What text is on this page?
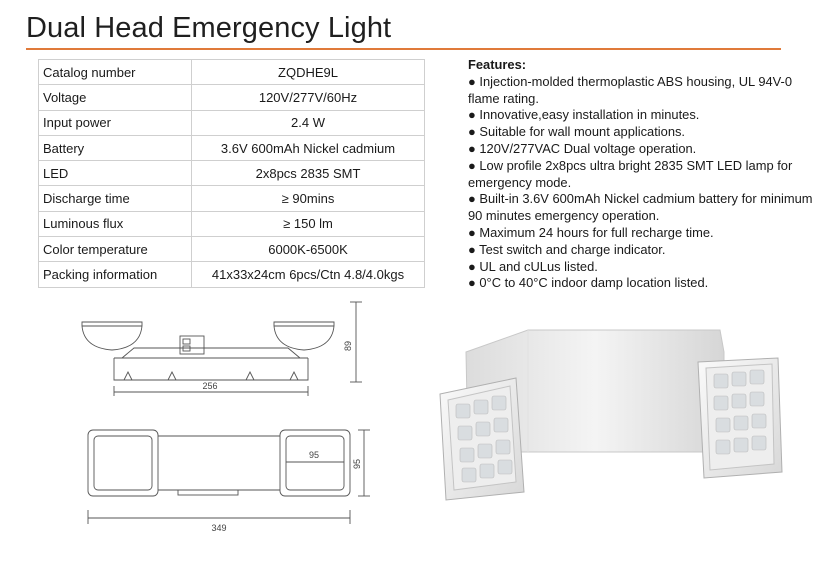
Dual Head Emergency Light
Catalog number	ZQDHE9L
Voltage	120V/277V/60Hz
Input power	2.4 W
Battery	3.6V 600mAh Nickel cadmium
LED	2x8pcs 2835 SMT
Discharge time	≥ 90mins
Luminous flux	≥ 150 lm
Color temperature	6000K-6500K
Packing information	41x33x24cm 6pcs/Ctn 4.8/4.0kgs
Features:
● Injection-molded thermoplastic ABS housing, UL 94V-0 flame rating.
● Innovative,easy installation in minutes.
● Suitable for wall mount applications.
● 120V/277VAC Dual voltage operation.
● Low profile 2x8pcs ultra bright 2835 SMT LED lamp for emergency mode.
● Built-in 3.6V 600mAh Nickel cadmium battery for minimum 90 minutes emergency operation.
● Maximum 24 hours for full recharge time.
● Test switch and charge indicator.
● UL and cULus listed.
● 0°C to 40°C indoor damp location listed.
256
89
95
95
349
